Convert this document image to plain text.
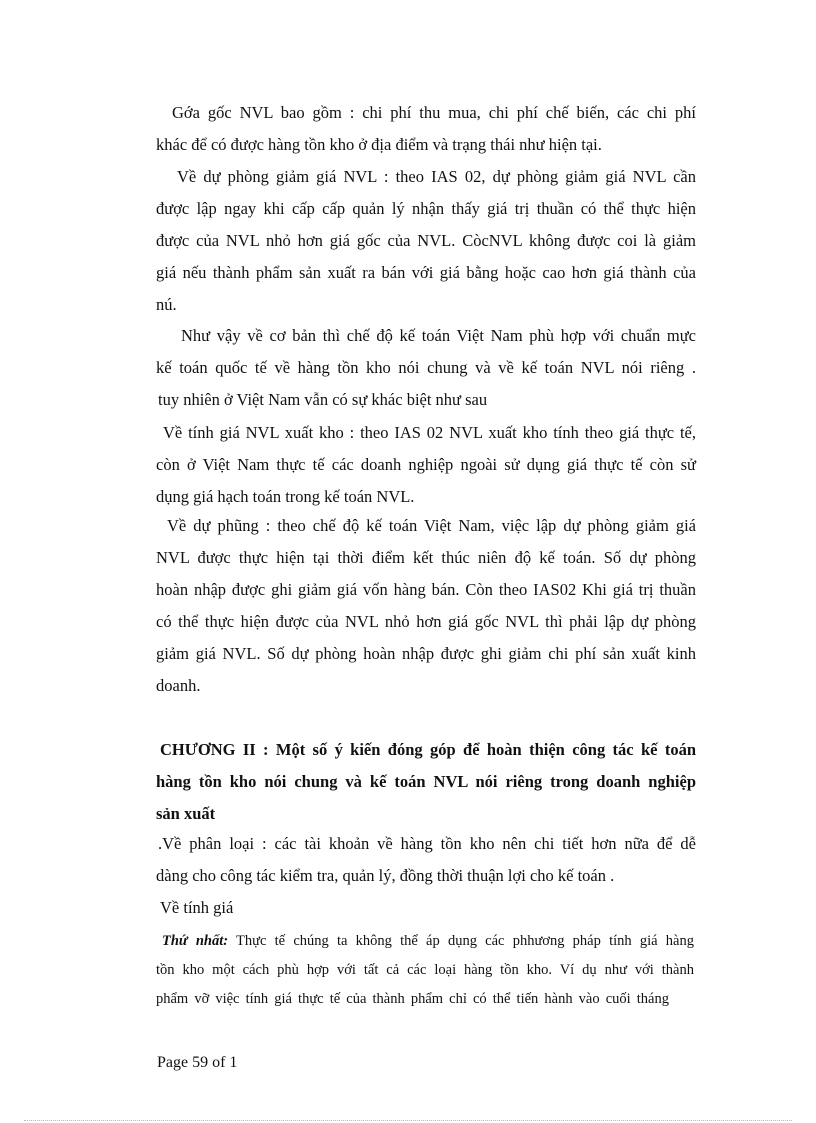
Gớa gốc NVL bao gồm : chi phí thu mua, chi phí chế biến, các chi phí
khác để có được hàng tồn kho ở địa điểm và trạng thái như hiện tại.
Về dự phòng giảm giá NVL : theo IAS 02, dự phòng giảm giá NVL cần
được lập ngay khi cấp cấp quản lý nhận thấy giá trị thuần có thể thực hiện
được của NVL nhỏ hơn giá gốc của NVL. CòcNVL không được coi là giảm
giá nếu thành phẩm sản xuất ra bán với giá bằng hoặc cao hơn giá thành của
nú.
Như vậy về cơ bản thì chế độ kế toán Việt Nam phù hợp với chuẩn mực
kế toán quốc tế về hàng tồn kho nói chung và về kế toán NVL nói riêng .
tuy nhiên ở Việt Nam vẫn có sự khác biệt như sau
Về tính giá NVL xuất kho : theo IAS 02 NVL xuất kho tính theo giá thực tế,
còn ở Việt Nam thực tế các doanh nghiệp ngoài sử dụng giá thực tế còn sử
dụng giá hạch toán trong kế toán NVL.
Về dự phũng : theo chế độ kế toán Việt Nam, việc lập dự phòng giảm giá
NVL được thực hiện tại thời điểm kết thúc niên độ kế toán. Số dự phòng
hoàn nhập được ghi giảm giá vốn hàng bán. Còn theo IAS02 Khi giá trị thuần
có thể thực hiện được của NVL nhỏ hơn giá gốc NVL thì phải lập dự phòng
giảm giá NVL. Số dự phòng hoàn nhập được ghi giảm chi phí sản xuất kinh
doanh.
CHƯƠNG II : Một số ý kiến đóng góp để hoàn thiện công tác kế toán
hàng tồn kho nói chung và kế toán NVL nói riêng trong doanh nghiệp
sản xuất
.Về phân loại : các tài khoản về hàng tồn kho nên chi tiết hơn nữa để dễ
dàng cho công tác kiểm tra, quản lý, đồng thời thuận lợi cho kế toán .
Về tính giá
Thứ nhất: Thực tế chúng ta không thể áp dụng các phhương pháp tính giá hàng
tồn kho một cách phù hợp với tất cả các loại hàng tồn kho. Ví dụ như với thành
phẩm vỡ việc tính giá thực tế của thành phẩm chỉ có thể tiến hành vào cuối tháng
Page 59 of 1
